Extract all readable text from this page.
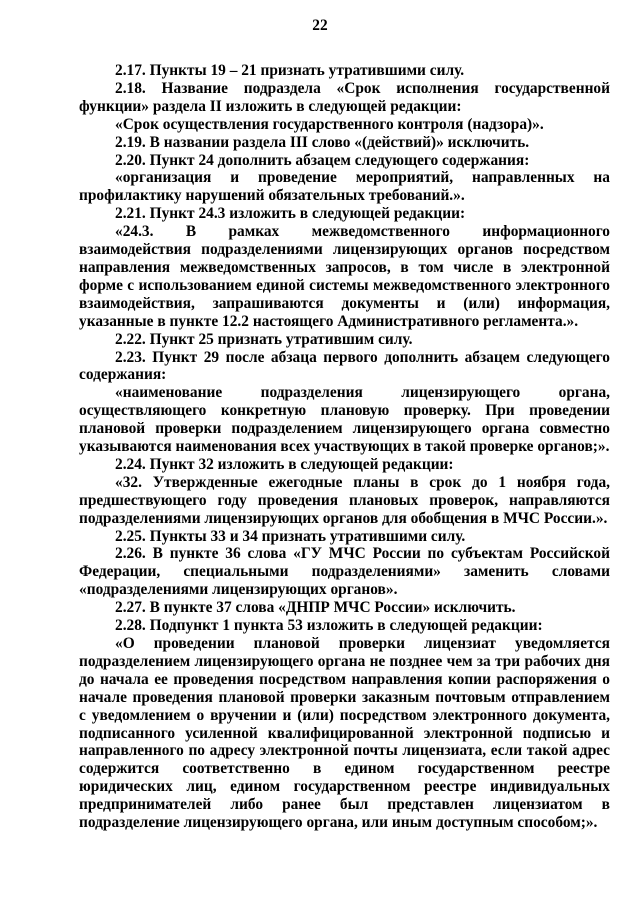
22

2.17. Пункты 19 – 21 признать утратившими силу.

2.18. Название подраздела «Срок исполнения государственной функции» раздела II изложить в следующей редакции:

«Срок осуществления государственного контроля (надзора)».

2.19. В названии раздела III слово «(действий)» исключить.

2.20. Пункт 24 дополнить абзацем следующего содержания:

«организация и проведение мероприятий, направленных на профилактику нарушений обязательных требований.».

2.21. Пункт 24.3 изложить в следующей редакции:

«24.3. В рамках межведомственного информационного взаимодействия подразделениями лицензирующих органов посредством направления межведомственных запросов, в том числе в электронной форме с использованием единой системы межведомственного электронного взаимодействия, запрашиваются документы и (или) информация, указанные в пункте 12.2 настоящего Административного регламента.».

2.22. Пункт 25 признать утратившим силу.

2.23. Пункт 29 после абзаца первого дополнить абзацем следующего содержания:

«наименование подразделения лицензирующего органа, осуществляющего конкретную плановую проверку. При проведении плановой проверки подразделением лицензирующего органа совместно указываются наименования всех участвующих в такой проверке органов;».

2.24. Пункт 32 изложить в следующей редакции:

«32. Утвержденные ежегодные планы в срок до 1 ноября года, предшествующего году проведения плановых проверок, направляются подразделениями лицензирующих органов для обобщения в МЧС России.».

2.25. Пункты 33 и 34 признать утратившими силу.

2.26. В пункте 36 слова «ГУ МЧС России по субъектам Российской Федерации, специальными подразделениями» заменить словами «подразделениями лицензирующих органов».

2.27. В пункте 37 слова «ДНПР МЧС России» исключить.

2.28. Подпункт 1 пункта 53 изложить в следующей редакции:

«О проведении плановой проверки лицензиат уведомляется подразделением лицензирующего органа не позднее чем за три рабочих дня до начала ее проведения посредством направления копии распоряжения о начале проведения плановой проверки заказным почтовым отправлением с уведомлением о вручении и (или) посредством электронного документа, подписанного усиленной квалифицированной электронной подписью и направленного по адресу электронной почты лицензиата, если такой адрес содержится соответственно в едином государственном реестре юридических лиц, едином государственном реестре индивидуальных предпринимателей либо ранее был представлен лицензиатом в подразделение лицензирующего органа, или иным доступным способом;».
